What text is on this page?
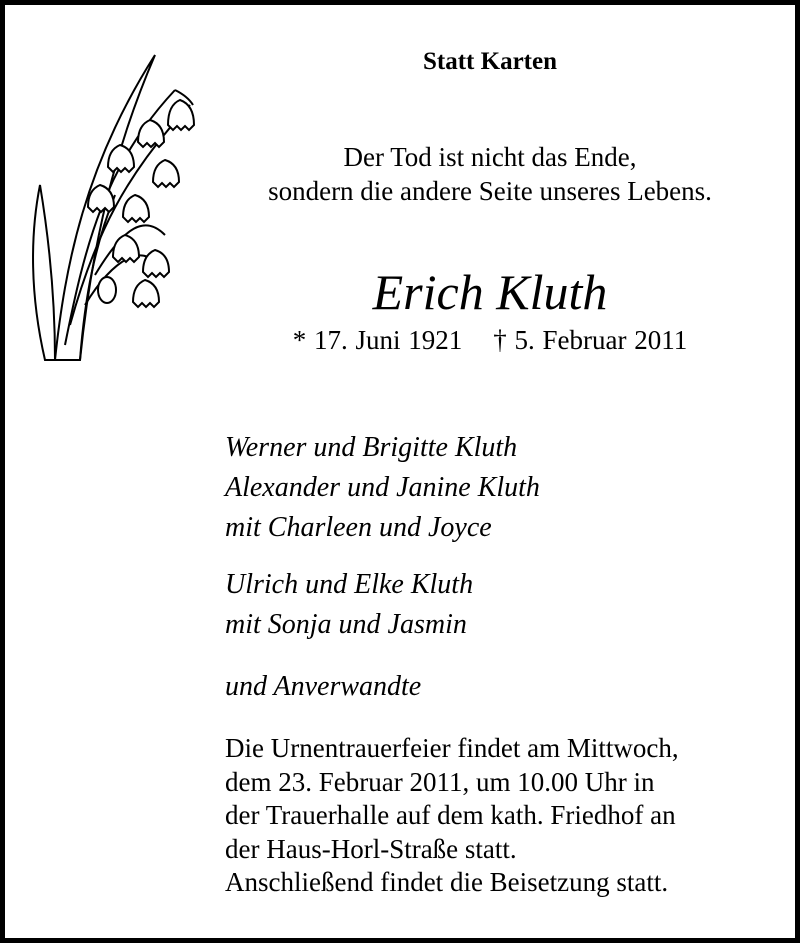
Statt Karten
Der Tod ist nicht das Ende,
sondern die andere Seite unseres Lebens.
Erich Kluth
* 17. Juni 1921 † 5. Februar 2011
Werner und Brigitte Kluth
Alexander und Janine Kluth
mit Charleen und Joyce
Ulrich und Elke Kluth
mit Sonja und Jasmin
und Anverwandte
Die Urnentrauerfeier findet am Mittwoch,
dem 23. Februar 2011, um 10.00 Uhr in
der Trauerhalle auf dem kath. Friedhof an
der Haus-Horl-Straße statt.
Anschließend findet die Beisetzung statt.
